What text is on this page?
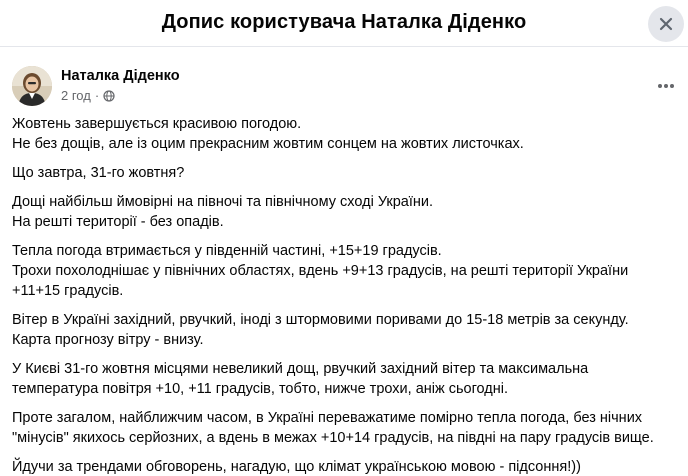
Допис користувача Наталка Діденко
Наталка Діденко
2 год ·
Жовтень завершується красивою погодою.
Не без дощів, але із оцим прекрасним жовтим сонцем на жовтих листочках.
Що завтра, 31-го жовтня?
Дощі найбільш ймовірні на півночі та північному сході України.
На решті території - без опадів.
Тепла погода втримається у південній частині, +15+19 градусів.
Трохи похолоднішає у північних областях, вдень +9+13 градусів, на решті території України
+11+15 градусів.
Вітер в Україні західний, рвучкий, іноді з штормовими поривами до 15-18 метрів за секунду.
Карта прогнозу вітру - внизу.
У Києві 31-го жовтня місцями невеликий дощ, рвучкий західний вітер та максимальна
температура повітря +10, +11 градусів, тобто, нижче трохи, аніж сьогодні.
Проте загалом, найближчим часом, в Україні переважатиме помірно тепла погода, без нічних
"мінусів" якихось серйозних, а вдень в межах +10+14 градусів, на півдні на пару градусів вище.
Йдучи за трендами обговорень, нагадую, що клімат українською мовою - підсоння!))
